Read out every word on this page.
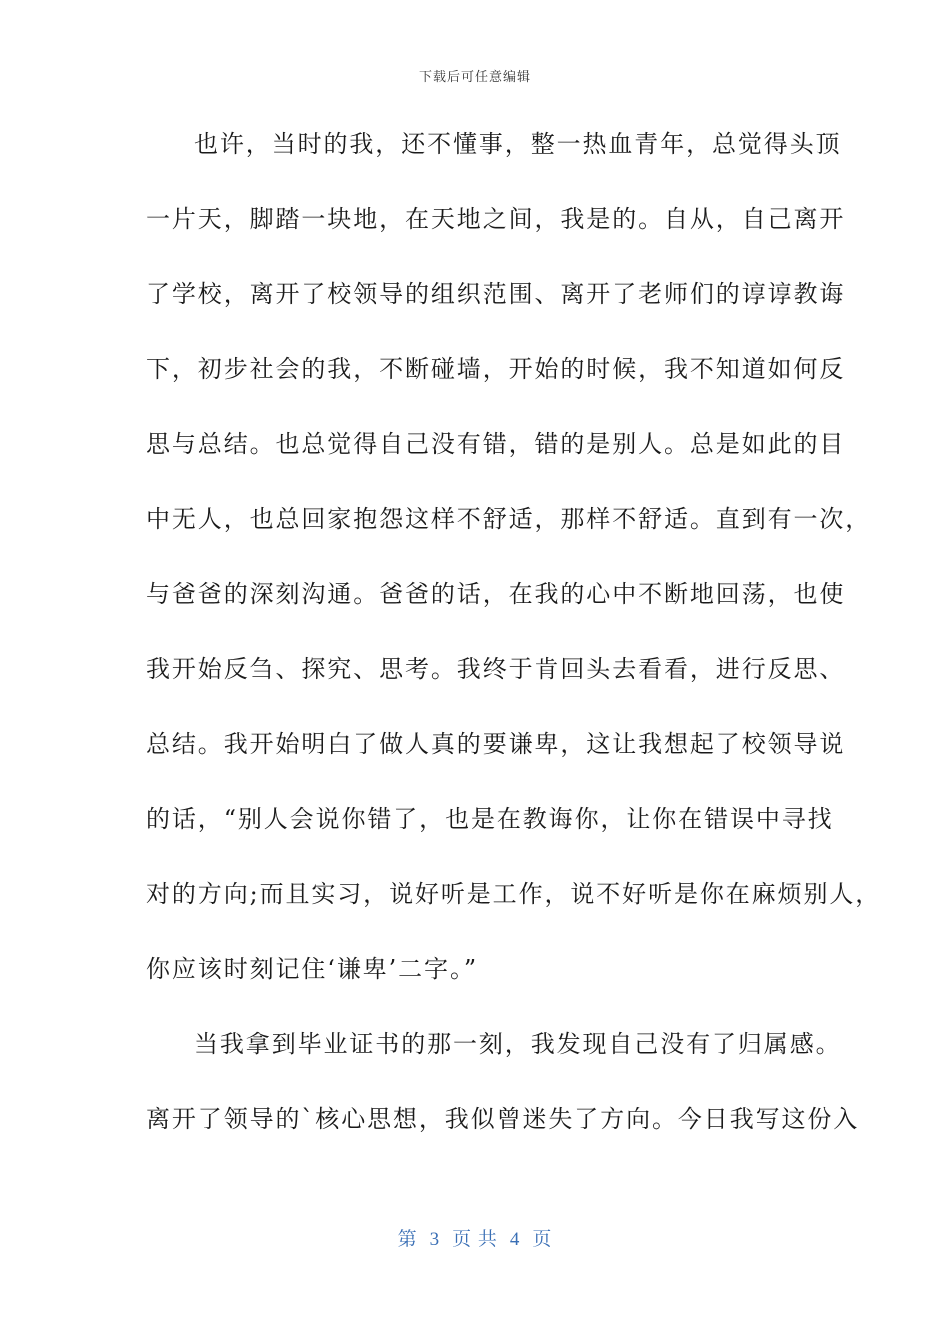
下载后可任意编辑
也许，当时的我，还不懂事，整一热血青年，总觉得头顶
一片天，脚踏一块地，在天地之间，我是的。自从，自己离开
了学校，离开了校领导的组织范围、离开了老师们的谆谆教诲
下，初步社会的我，不断碰墙，开始的时候，我不知道如何反
思与总结。也总觉得自己没有错，错的是别人。总是如此的目
中无人，也总回家抱怨这样不舒适，那样不舒适。直到有一次，
与爸爸的深刻沟通。爸爸的话，在我的心中不断地回荡，也使
我开始反刍、探究、思考。我终于肯回头去看看，进行反思、
总结。我开始明白了做人真的要谦卑，这让我想起了校领导说
的话，“别人会说你错了，也是在教诲你，让你在错误中寻找
对的方向;而且实习，说好听是工作，说不好听是你在麻烦别人，
你应该时刻记住‘谦卑’二字。”
当我拿到毕业证书的那一刻，我发现自己没有了归属感。
离开了领导的`核心思想，我似曾迷失了方向。今日我写这份入
第 3 页 共 4 页
